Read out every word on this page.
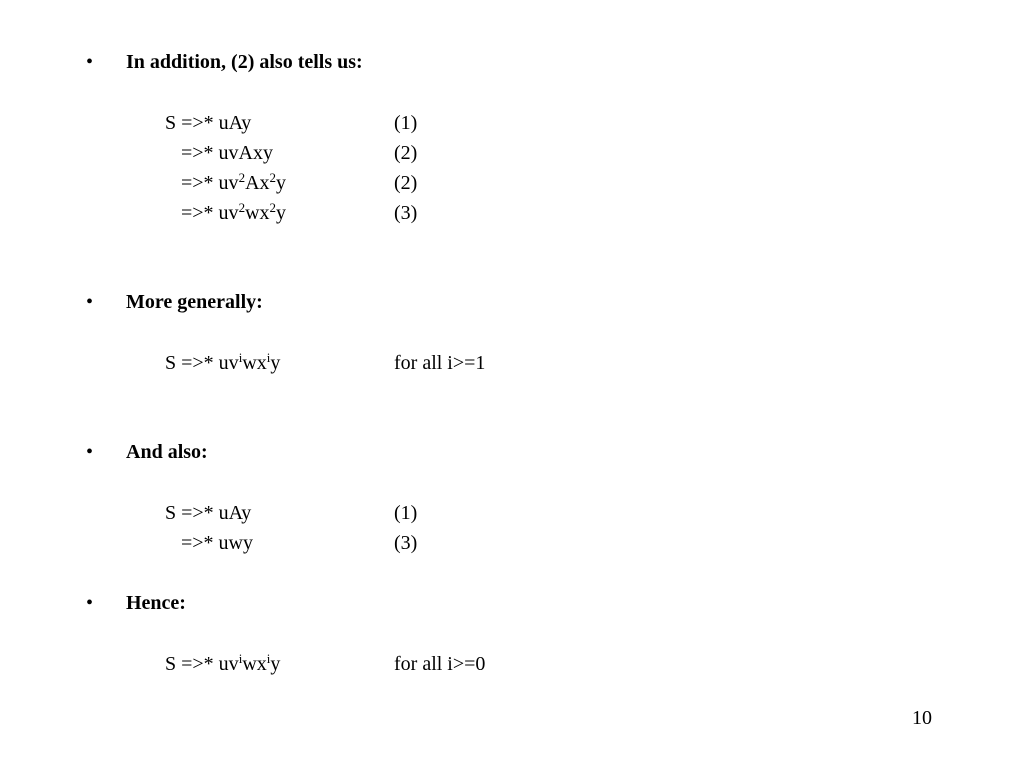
• In addition, (2) also tells us:
S =>* uAy	(1)
=>* uvAxy	(2)
=>* $uv^2Ax^2y$	(2)
=>* $uv^2wx^2y$	(3)
• More generally:
S =>* $uv^iwx^iy$	for all i>=1
• And also:
S =>* uAy	(1)
=>* uwy	(3)
• Hence:
S =>* $uv^iwx^iy$	for all i>=0
10
